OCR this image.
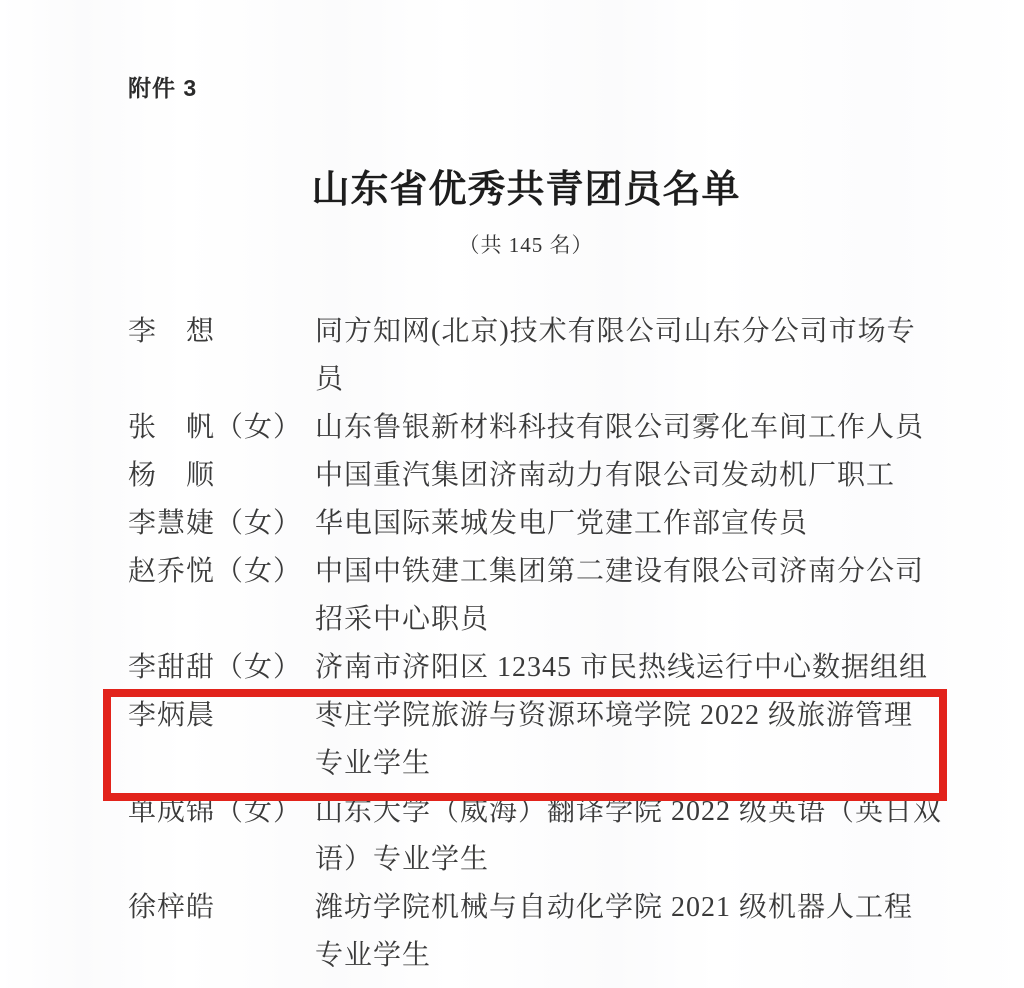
附件 3
山东省优秀共青团员名单
（共 145 名）
李　想	同方知网(北京)技术有限公司山东分公司市场专
员
张　帆（女） 山东鲁银新材料科技有限公司雾化车间工作人员
杨　顺	中国重汽集团济南动力有限公司发动机厂职工
李慧婕（女） 华电国际莱城发电厂党建工作部宣传员
赵乔悦（女） 中国中铁建工集团第二建设有限公司济南分公司
招采中心职员
李甜甜（女） 济南市济阳区 12345 市民热线运行中心数据组组
李炳晨	枣庄学院旅游与资源环境学院 2022 级旅游管理
专业学生
单成锦（女） 山东大学（威海）翻译学院 2022 级英语（英日双
语）专业学生
徐梓皓	潍坊学院机械与自动化学院 2021 级机器人工程
专业学生
